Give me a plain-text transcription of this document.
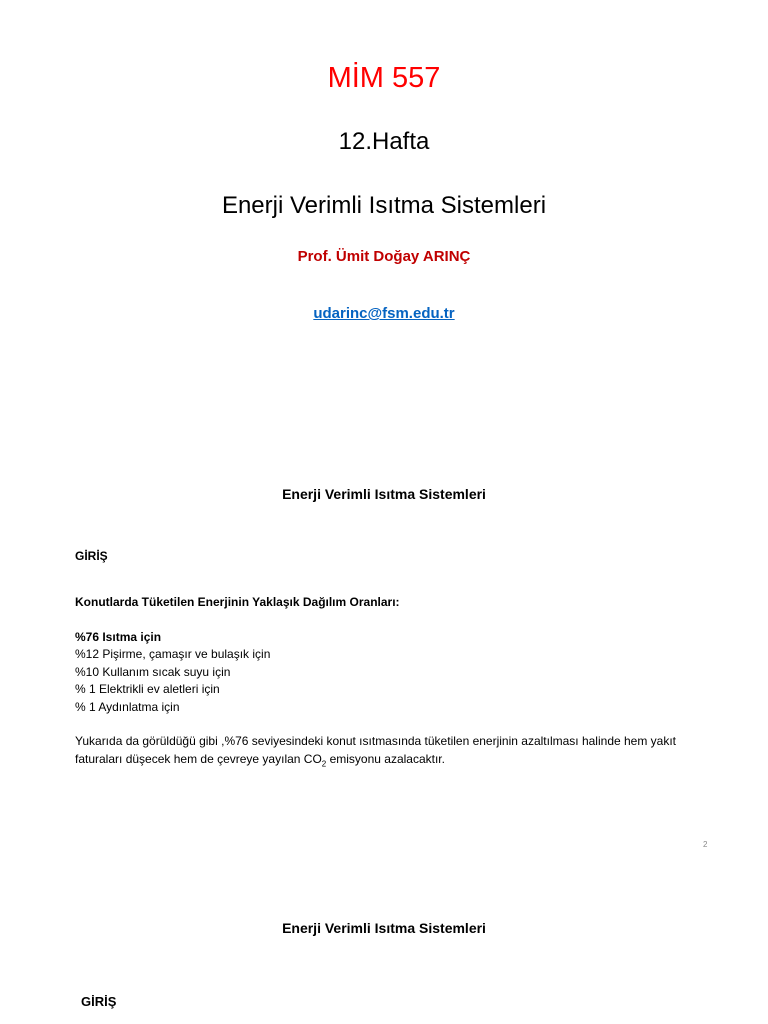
MİM 557
12.Hafta
Enerji Verimli Isıtma Sistemleri
Prof. Ümit Doğay ARINÇ
udarinc@fsm.edu.tr
Enerji Verimli Isıtma Sistemleri
GİRİŞ
Konutlarda Tüketilen Enerjinin Yaklaşık Dağılım Oranları:
%76 Isıtma için
%12 Pişirme, çamaşır ve bulaşık için
%10 Kullanım sıcak suyu için
% 1 Elektrikli ev aletleri için
% 1 Aydınlatma için
Yukarıda da görüldüğü gibi ,%76 seviyesindeki konut ısıtmasında tüketilen enerjinin azaltılması halinde hem yakıt faturaları düşecek hem de çevreye yayılan $CO_2$ emisyonu azalacaktır.
2
Enerji Verimli Isıtma Sistemleri
GİRİŞ
